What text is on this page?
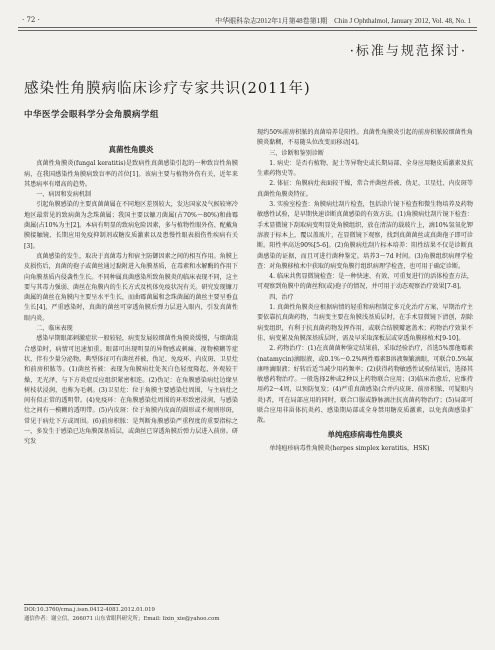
· 72 ·	中华眼科杂志2012年1月第48卷第1期　Chin J Ophthalmol, January 2012, Vol. 48, No. 1
·标准与规范探讨·
感染性角膜病临床诊疗专家共识(2011年)
中华医学会眼科学分会角膜病学组
真菌性角膜炎

真菌性角膜炎(fungal keratitis)是致病性真菌感染引起的一种致盲性角膜病，在我国感染性角膜病致盲率的首位[1]。该病主要与植物外伤有关，近年来其患病率有增高的趋势。

一、病因和发病机制

引起角膜感染的主要真菌菌属在不同地区差别较大，发达国家及气候较寒冷地区最常见的致病菌为念珠菌属；我国主要以镰刀菌属(占70%～80%)和曲霉菌属(占10%为主[2]。本病有明显的致病危险因素，多与植物性眼外伤、配戴角膜接触镜、长期应用免疫抑制剂或糖皮质激素以及患慢性眼表损伤性疾病有关[3]。

真菌感染的发生，取决于真菌毒力和宿主防御因素之间的相互作用。角膜上皮损伤后，真菌的孢子或菌丝通过黏附进入角膜基质，在毒素和水解酶的作用下向角膜基质内侵袭性生长。不同种属真菌感染所致角膜炎的临床表现不同，这主要与其毒力强弱、菌丝在角膜内的生长方式及机体免疫状况有关。研究发现镰刀菌属的菌丝在角膜内主要呈水平生长，而曲霉菌属和念珠菌属的菌丝主要呈垂直生长[4]，严重感染时，真菌的菌丝可穿透角膜后弹力层进入眼内，引发真菌性眼内炎。

二、临床表现

感染早期眼部刺激症状一般较轻，病变发展较细菌性角膜炎缓慢，与细菌混合感染时，病情可迅速加重。眼部可出现明显的异物感或刺痛、视物模糊等症状，伴有少量分泌物。典型体征可有菌丝苔被、伪足、免疫环、内皮斑、卫星灶和前房积脓等。(1)菌丝苔被：表现为角膜病灶处灰白色轻度隆起，外观较干燥，无光泽，与下方炎症反应组织紧密相连。(2)伪足：在角膜感染病灶边缘呈树枝状浸润，也称为毛刺。(3)卫星灶：位于角膜主要感染灶周围，与主病灶之间有似正常的透明带。(4)免疫环：在角膜感染灶周围的环形致密浸润，与感染灶之间有一模糊的透明带。(5)内皮斑：位于角膜内皮面的圆形或不规则形斑，常见于病灶下方或周围。(6)前房积脓：是判断角膜感染严重程度的重要指标之一，多发生于感染已达角膜深基质层，或菌丝已穿透角膜后弹力层进入前房。研究发

DOI:10.3760/cma.j.issn.0412-4081.2012.01.019
通信作者：谢立信，266071 山东省眼科研究所；Email: lixin_xie@yahoo.com

现约50%前房积脓的真菌培养是阳性。真菌性角膜炎引起的前房积脓较细菌性角膜炎黏稠，不易随头位改变而移动[4]。

三、诊断和鉴别诊断

1. 病史：是否有植物、泥土等异物史或长期局部、全身应用糖皮质激素及抗生素药物史等。

2. 体征：角膜病灶表面较干燥，常合并菌丝苔被、伪足、卫星灶、内皮斑等真菌性角膜炎特征。

3. 实验室检查：角膜病灶刮片检查，包括涂片镜下检查和微生物培养及药物敏感性试验，是早期快速诊断真菌感染的有效方法。(1)角膜病灶刮片镜下检查：手术显微镜下刮取病变明显处角膜组织，放在清洁的载玻片上，滴10%氢氧化钾溶液于标本上，覆以盖玻片，在显微镜下观察，找到真菌菌丝或真菌孢子即可诊断。阳性率高达90%[5-6]。(2)角膜病灶刮片标本培养：阳性结果不仅是诊断真菌感染的证据，而且可进行菌种鉴定。培养3～7d 时间。(3)角膜组织病理学检查：对角膜移植术中获取的病变角膜行组织病理学检查，也可用于确定诊断。

4. 临床共焦显微镜检查：是一种快速、有效、可重复进行的活体检查方法，可观察到角膜中的菌丝和(或)孢子的情况，并可用于动态观察治疗效果[7-8]。

四、治疗

1. 真菌性角膜炎应根据病情的轻重和病程制定多元化治疗方案，早期治疗主要依靠抗真菌药物，当病变主要在角膜浅基质层时，在手术显微镜下清创，刮除病变组织，有利于抗真菌药物发挥作用，或联合结膜瓣遮盖术；药物治疗效果不佳、病变累及角膜深基质层时，需及早采取深板层或穿透角膜移植术[9-10]。

2. 药物治疗：(1)在真菌菌种鉴定结果前，采取经验治疗，首选5%那他霉素(natamycin)滴眼液，或0.1%～0.2%两性霉素B溶液频繁滴眼，可联合0.5%氟康唑滴眼液；好转后适当减少用药频率；(2)获得药物敏感性试验结果后，选择其敏感药物治疗。一般选择2种或2种以上药物联合应用；(3)临床治愈后，应维持用药2～4周，以预防复发；(4)严重真菌感染(合并内皮斑、前房积脓、可疑眼内炎)者，可在局部应用的同时，联合口服或静脉滴注抗真菌药物治疗；(5)局部可联合应用非甾体抗炎药、感染期局部或全身禁用糖皮质激素，以免真菌感染扩散。

单纯疱疹病毒性角膜炎

单纯疱疹病毒性角膜炎(herpes simplex keratitis，HSK)
